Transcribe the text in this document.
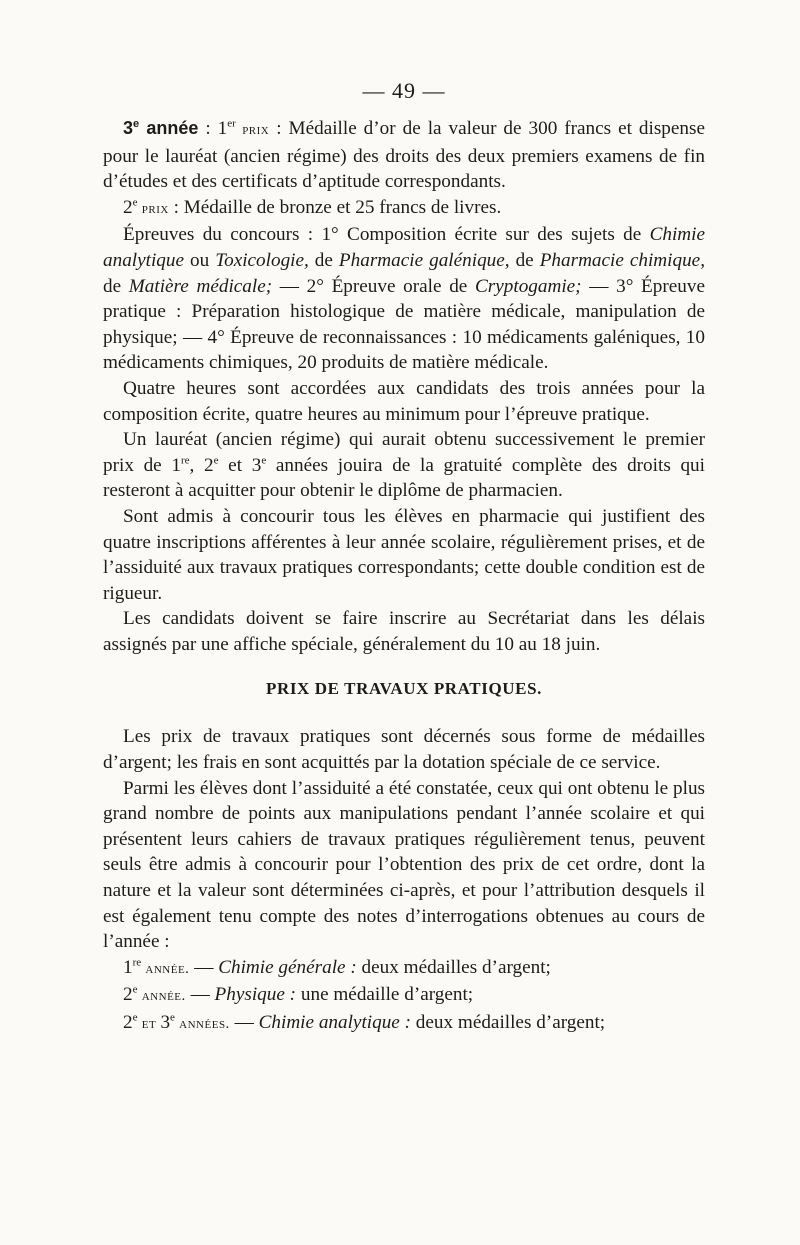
— 49 —

3e année : 1er prix : Médaille d’or de la valeur de 300 francs et dispense pour le lauréat (ancien régime) des droits des deux premiers examens de fin d’études et des certificats d’aptitude correspondants.

2e prix : Médaille de bronze et 25 francs de livres.

Épreuves du concours : 1° Composition écrite sur des sujets de Chimie analytique ou Toxicologie, de Pharmacie galénique, de Pharmacie chimique, de Matière médicale; — 2° Épreuve orale de Cryptogamie; — 3° Épreuve pratique : Préparation histologique de matière médicale, manipulation de physique; — 4° Épreuve de reconnaissances : 10 médicaments galéniques, 10 médicaments chimiques, 20 produits de matière médicale.

Quatre heures sont accordées aux candidats des trois années pour la composition écrite, quatre heures au minimum pour l’épreuve pratique.

Un lauréat (ancien régime) qui aurait obtenu successivement le premier prix de 1re, 2e et 3e années jouira de la gratuité complète des droits qui resteront à acquitter pour obtenir le diplôme de pharmacien.

Sont admis à concourir tous les élèves en pharmacie qui justifient des quatre inscriptions afférentes à leur année scolaire, régulièrement prises, et de l’assiduité aux travaux pratiques correspondants; cette double condition est de rigueur.

Les candidats doivent se faire inscrire au Secrétariat dans les délais assignés par une affiche spéciale, généralement du 10 au 18 juin.

PRIX DE TRAVAUX PRATIQUES.

Les prix de travaux pratiques sont décernés sous forme de médailles d’argent; les frais en sont acquittés par la dotation spéciale de ce service.

Parmi les élèves dont l’assiduité a été constatée, ceux qui ont obtenu le plus grand nombre de points aux manipulations pendant l’année scolaire et qui présentent leurs cahiers de travaux pratiques régulièrement tenus, peuvent seuls être admis à concourir pour l’obtention des prix de cet ordre, dont la nature et la valeur sont déterminées ci-après, et pour l’attribution desquels il est également tenu compte des notes d’interrogations obtenues au cours de l’année :

1re année. — Chimie générale : deux médailles d’argent;
2e année. — Physique : une médaille d’argent;
2e et 3e années. — Chimie analytique : deux médailles d’argent;
